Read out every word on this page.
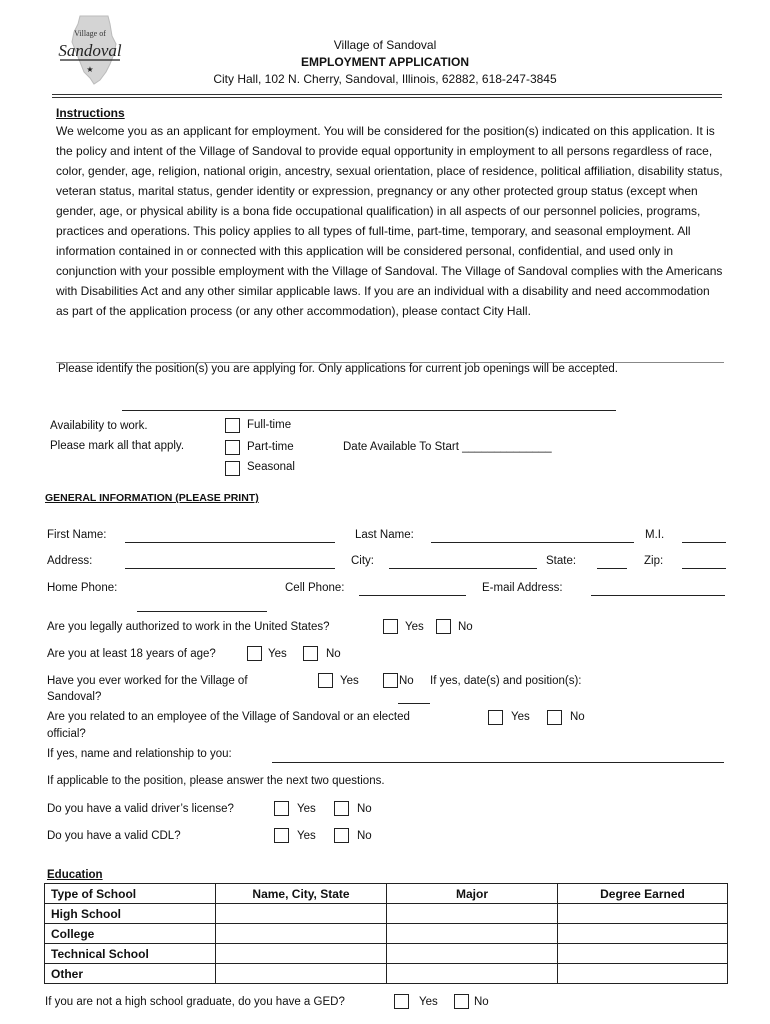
Village of
Sandoval
★
Village of Sandoval
EMPLOYMENT APPLICATION
City Hall, 102 N. Cherry, Sandoval, Illinois, 62882, 618-247-3845
Instructions
We welcome you as an applicant for employment. You will be considered for the position(s) indicated on this application. It is the policy and intent of the Village of Sandoval to provide equal opportunity in employment to all persons regardless of race, color, gender, age, religion, national origin, ancestry, sexual orientation, place of residence, political affiliation, disability status, veteran status, marital status, gender identity or expression, pregnancy or any other protected group status (except when gender, age, or physical ability is a bona fide occupational qualification) in all aspects of our personnel policies, programs, practices and operations. This policy applies to all types of full-time, part-time, temporary, and seasonal employment. All information contained in or connected with this application will be considered personal, confidential, and used only in conjunction with your possible employment with the Village of Sandoval. The Village of Sandoval complies with the Americans with Disabilities Act and any other similar applicable laws. If you are an individual with a disability and need accommodation as part of the application process (or any other accommodation), please contact City Hall.
Please identify the position(s) you are applying for. Only applications for current job openings will be accepted.
Availability to work.
Please mark all that apply.
Full-time
Part-time
Seasonal
Date Available To Start ______________
GENERAL INFORMATION (PLEASE PRINT)
First Name:	Last Name:	M.I.
Address:	City:	State:	Zip:
Home Phone:	Cell Phone:	E-mail Address:
Are you legally authorized to work in the United States?	Yes	No
Are you at least 18 years of age?	Yes	No
Have you ever worked for the Village of
Sandoval?
Yes	No If yes, date(s) and position(s):
Are you related to an employee of the Village of Sandoval or an elected
official?
Yes	No
If yes, name and relationship to you:
If applicable to the position, please answer the next two questions.
Do you have a valid driver’s license?	Yes	No
Do you have a valid CDL?	Yes	No
Education
Type of School	Name, City, State	Major	Degree Earned
High School			
College			
Technical School			
Other			
If you are not a high school graduate, do you have a GED?	Yes	No
